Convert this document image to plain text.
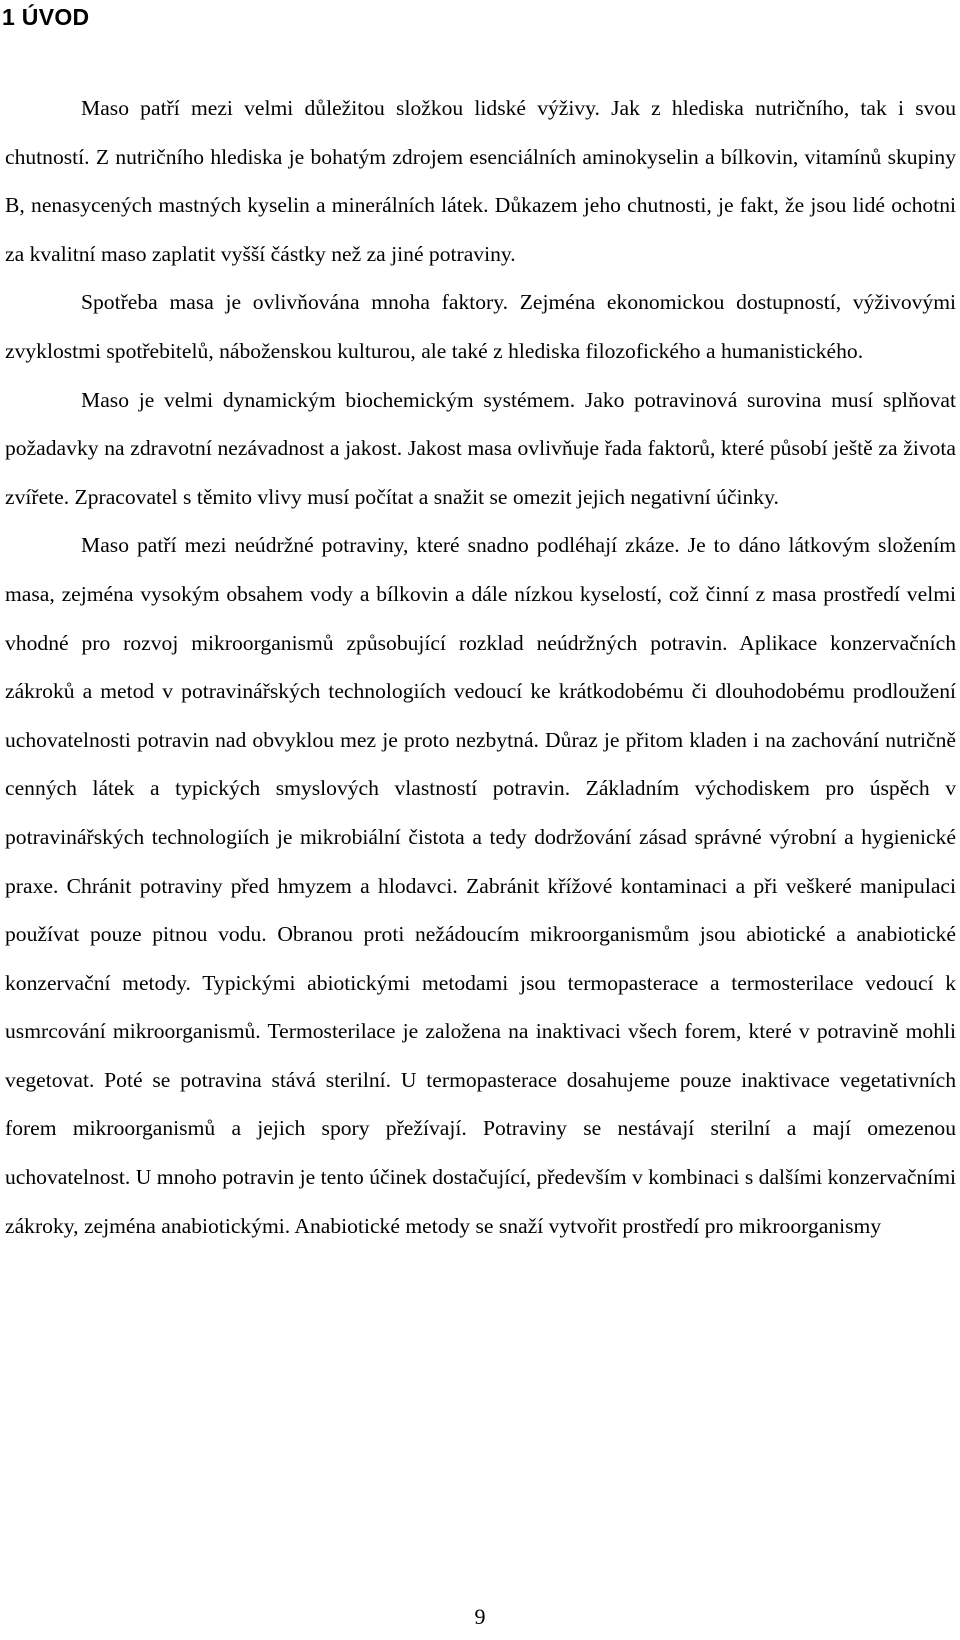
1 ÚVOD

Maso patří mezi velmi důležitou složkou lidské výživy. Jak z hlediska nutričního, tak i svou chutností. Z nutričního hlediska je bohatým zdrojem esenciálních aminokyselin a bílkovin, vitamínů skupiny B, nenasycených mastných kyselin a minerálních látek. Důkazem jeho chutnosti, je fakt, že jsou lidé ochotni za kvalitní maso zaplatit vyšší částky než za jiné potraviny.

Spotřeba masa je ovlivňována mnoha faktory. Zejména ekonomickou dostupností, výživovými zvyklostmi spotřebitelů, náboženskou kulturou, ale také z hlediska filozofického a humanistického.

Maso je velmi dynamickým biochemickým systémem. Jako potravinová surovina musí splňovat požadavky na zdravotní nezávadnost a jakost. Jakost masa ovlivňuje řada faktorů, které působí ještě za života zvířete. Zpracovatel s těmito vlivy musí počítat a snažit se omezit jejich negativní účinky.

Maso patří mezi neúdržné potraviny, které snadno podléhají zkáze. Je to dáno látkovým složením masa, zejména vysokým obsahem vody a bílkovin a dále nízkou kyselostí, což činní z masa prostředí velmi vhodné pro rozvoj mikroorganismů způsobující rozklad neúdržných potravin. Aplikace konzervačních zákroků a metod v potravinářských technologiích vedoucí ke krátkodobému či dlouhodobému prodloužení uchovatelnosti potravin nad obvyklou mez je proto nezbytná. Důraz je přitom kladen i na zachování nutričně cenných látek a typických smyslových vlastností potravin. Základním východiskem pro úspěch v potravinářských technologiích je mikrobiální čistota a tedy dodržování zásad správné výrobní a hygienické praxe. Chránit potraviny před hmyzem a hlodavci. Zabránit křížové kontaminaci a při veškeré manipulaci používat pouze pitnou vodu. Obranou proti nežádoucím mikroorganismům jsou abiotické a anabiotické konzervační metody. Typickými abiotickými metodami jsou termopasterace a termosterilace vedoucí k usmrcování mikroorganismů. Termosterilace je založena na inaktivaci všech forem, které v potravině mohli vegetovat. Poté se potravina stává sterilní. U termopasterace dosahujeme pouze inaktivace vegetativních forem mikroorganismů a jejich spory přežívají. Potraviny se nestávají sterilní a mají omezenou uchovatelnost. U mnoho potravin je tento účinek dostačující, především v kombinaci s dalšími konzervačními zákroky, zejména anabiotickými. Anabiotické metody se snaží vytvořit prostředí pro mikroorganismy

9
